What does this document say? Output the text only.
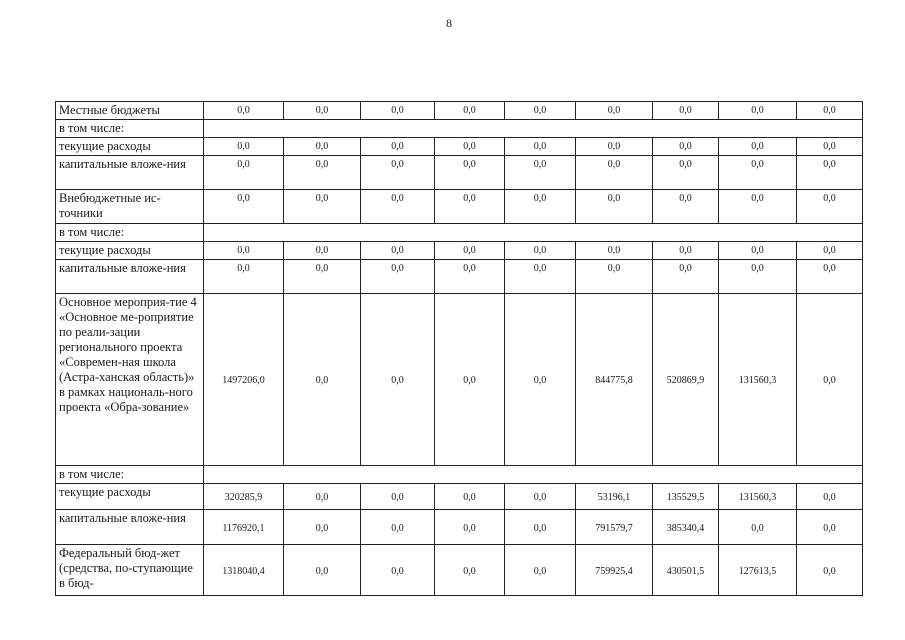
8
Местные бюджеты	0,0	0,0	0,0	0,0	0,0	0,0	0,0	0,0	0,0
в том числе:									
текущие расходы	0,0	0,0	0,0	0,0	0,0	0,0	0,0	0,0	0,0
капитальные вложе-ния	0,0	0,0	0,0	0,0	0,0	0,0	0,0	0,0	0,0
Внебюджетные ис-точники	0,0	0,0	0,0	0,0	0,0	0,0	0,0	0,0	0,0
в том числе:									
текущие расходы	0,0	0,0	0,0	0,0	0,0	0,0	0,0	0,0	0,0
капитальные вложе-ния	0,0	0,0	0,0	0,0	0,0	0,0	0,0	0,0	0,0
Основное мероприя-тие 4 «Основное ме-роприятие по реали-зации регионального проекта «Современ-ная школа (Астра-ханская область)» в рамках националь-ного проекта «Обра-зование»	1497206,0	0,0	0,0	0,0	0,0	844775,8	520869,9	131560,3	0,0
в том числе:									
текущие расходы	320285,9	0,0	0,0	0,0	0,0	53196,1	135529,5	131560,3	0,0
капитальные вложе-ния	1176920,1	0,0	0,0	0,0	0,0	791579,7	385340,4	0,0	0,0
Федеральный бюд-жет (средства, по-ступающие в бюд-	1318040,4	0,0	0,0	0,0	0,0	759925,4	430501,5	127613,5	0,0
